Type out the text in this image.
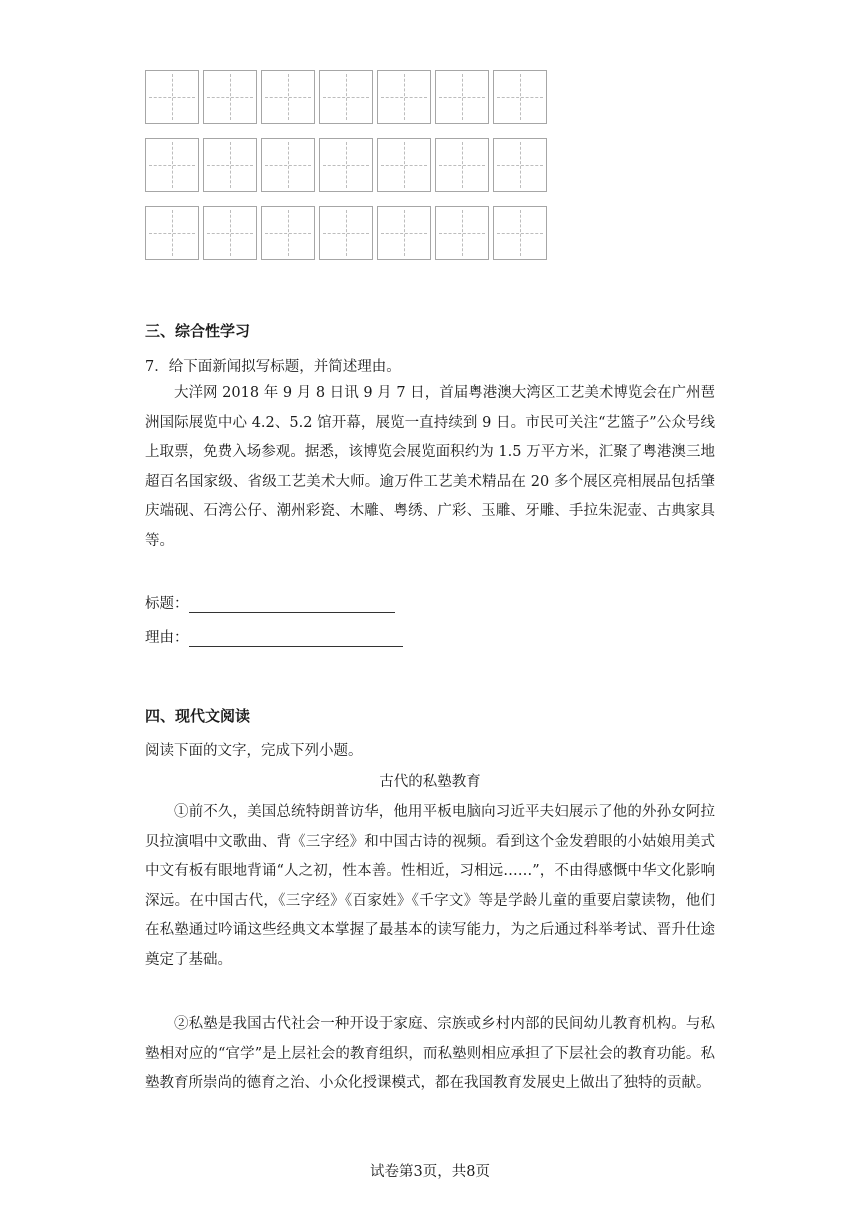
三、综合性学习
7．给下面新闻拟写标题，并简述理由。

大洋网 2018 年 9 月 8 日讯 9 月 7 日，首届粤港澳大湾区工艺美术博览会在广州琶洲国际展览中心 4.2、5.2 馆开幕，展览一直持续到 9 日。市民可关注“艺篮子”公众号线上取票，免费入场参观。据悉，该博览会展览面积约为 1.5 万平方米，汇聚了粤港澳三地超百名国家级、省级工艺美术大师。逾万件工艺美术精品在 20 多个展区亮相展品包括肇庆端砚、石湾公仔、潮州彩瓷、木雕、粤绣、广彩、玉雕、牙雕、手拉朱泥壶、古典家具等。

标题：
理由：
四、现代文阅读
阅读下面的文字，完成下列小题。
古代的私塾教育

①前不久，美国总统特朗普访华，他用平板电脑向习近平夫妇展示了他的外孙女阿拉贝拉演唱中文歌曲、背《三字经》和中国古诗的视频。看到这个金发碧眼的小姑娘用美式中文有板有眼地背诵“人之初，性本善。性相近，习相远……”，不由得感慨中华文化影响深远。在中国古代，《三字经》《百家姓》《千字文》等是学龄儿童的重要启蒙读物，他们在私塾通过吟诵这些经典文本掌握了最基本的读写能力，为之后通过科举考试、晋升仕途奠定了基础。

②私塾是我国古代社会一种开设于家庭、宗族或乡村内部的民间幼儿教育机构。与私塾相对应的“官学”是上层社会的教育组织，而私塾则相应承担了下层社会的教育功能。私塾教育所崇尚的德育之治、小众化授课模式，都在我国教育发展史上做出了独特的贡献。

试卷第3页，共8页
